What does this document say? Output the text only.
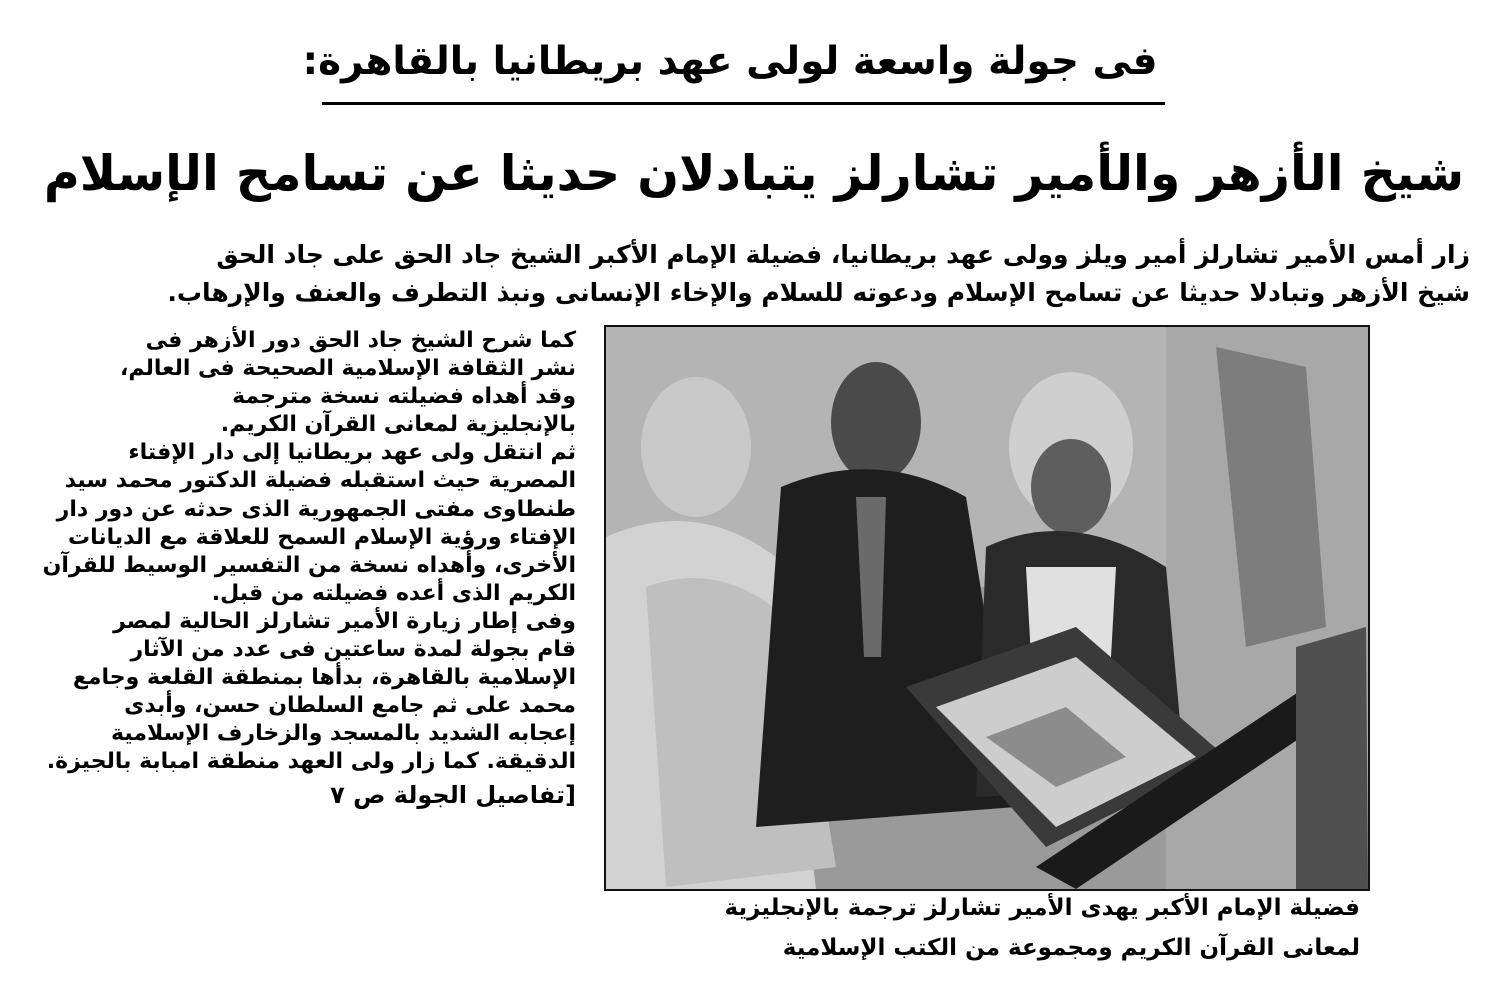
فى جولة واسعة لولى عهد بريطانيا بالقاهرة:
شيخ الأزهر والأمير تشارلز يتبادلان حديثا عن تسامح الإسلام

زار أمس الأمير تشارلز أمير ويلز وولى عهد بريطانيا، فضيلة الإمام الأكبر الشيخ جاد الحق على جاد الحق

شيخ الأزهر وتبادلا حديثا عن تسامح الإسلام ودعوته للسلام والإخاء الإنسانى ونبذ التطرف والعنف والإرهاب.

فضيلة الإمام الأكبر يهدى الأمير تشارلز ترجمة بالإنجليزية

لمعانى القرآن الكريم ومجموعة من الكتب الإسلامية

كما شرح الشيخ جاد الحق دور الأزهر فى

نشر الثقافة الإسلامية الصحيحة فى العالم،

وقد أهداه فضيلته نسخة مترجمة

بالإنجليزية لمعانى القرآن الكريم.

ثم انتقل ولى عهد بريطانيا إلى دار الإفتاء

المصرية حيث استقبله فضيلة الدكتور محمد سيد

طنطاوى مفتى الجمهورية الذى حدثه عن دور دار

الإفتاء ورؤية الإسلام السمح للعلاقة مع الديانات

الأخرى، وأهداه نسخة من التفسير الوسيط للقرآن

الكريم الذى أعده فضيلته من قبل.

وفى إطار زيارة الأمير تشارلز الحالية لمصر

قام بجولة لمدة ساعتين فى عدد من الآثار

الإسلامية بالقاهرة، بدأها بمنطقة القلعة وجامع

محمد على ثم جامع السلطان حسن، وأبدى

إعجابه الشديد بالمسجد والزخارف الإسلامية

الدقيقة. كما زار ولى العهد منطقة امبابة بالجيزة.

[تفاصيل الجولة ص ٧
